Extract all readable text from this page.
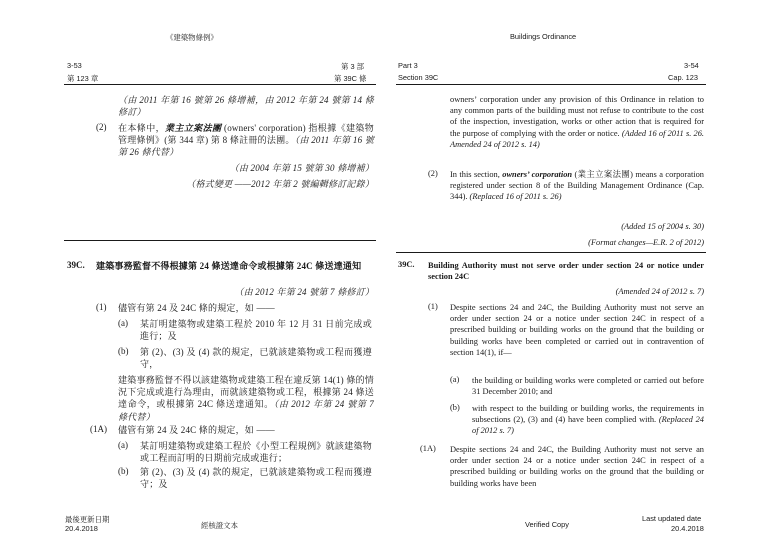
《建築物條例》
3-53	第 3 部
第 123 章	第 39C 條
（由 2011 年第 16 號第 26 條增補，由 2012 年第 24 號第 14 條修訂）
(2) 在本條中，業主立案法團 (owners' corporation) 指根據《建築物管理條例》(第 344 章) 第 8 條註冊的法團。（由 2011 年第 16 號第 26 條代替）
（由 2004 年第 15 號第 30 條增補）
（格式變更 ——2012 年第 2 號編輯修訂記錄）
39C. 建築事務監督不得根據第 24 條送達命令或根據第 24C 條送達通知
（由 2012 年第 24 號第 7 條修訂）
(1) 儘管有第 24 及 24C 條的規定，如 ——
(a) 某訂明建築物或建築工程於 2010 年 12 月 31 日前完成或進行；及
(b) 第 (2)、(3) 及 (4) 款的規定，已就該建築物或工程而獲遵守，
建築事務監督不得以該建築物或建築工程在違反第 14(1) 條的情況下完成或進行為理由，而就該建築物或工程，根據第 24 條送達命令，或根據第 24C 條送達通知。（由 2012 年第 24 號第 7 條代替）
(1A) 儘管有第 24 及 24C 條的規定，如 ——
(a) 某訂明建築物或建築工程於《小型工程規例》就該建築物或工程而訂明的日期前完成或進行；
(b) 第 (2)、(3) 及 (4) 款的規定，已就該建築物或工程而獲遵守；及
最後更新日期
20.4.2018	經核證文本
Buildings Ordinance
Part 3	3-54
Section 39C	Cap. 123
owners’ corporation under any provision of this Ordinance in relation to any common parts of the building must not refuse to contribute to the cost of the inspection, investigation, works or other action that is required for the purpose of complying with the order or notice. (Added 16 of 2011 s. 26. Amended 24 of 2012 s. 14)
(2) In this section, owners’ corporation (業主立案法團) means a corporation registered under section 8 of the Building Management Ordinance (Cap. 344). (Replaced 16 of 2011 s. 26)
(Added 15 of 2004 s. 30)
(Format changes—E.R. 2 of 2012)
39C. Building Authority must not serve order under section 24 or notice under section 24C
(Amended 24 of 2012 s. 7)
(1) Despite sections 24 and 24C, the Building Authority must not serve an order under section 24 or a notice under section 24C in respect of a prescribed building or building works on the ground that the building or building works have been completed or carried out in contravention of section 14(1), if—
(a) the building or building works were completed or carried out before 31 December 2010; and
(b) with respect to the building or building works, the requirements in subsections (2), (3) and (4) have been complied with. (Replaced 24 of 2012 s. 7)
(1A) Despite sections 24 and 24C, the Building Authority must not serve an order under section 24 or a notice under section 24C in respect of a prescribed building or building works on the ground that the building or building works have been
Verified Copy
Last updated date
20.4.2018
